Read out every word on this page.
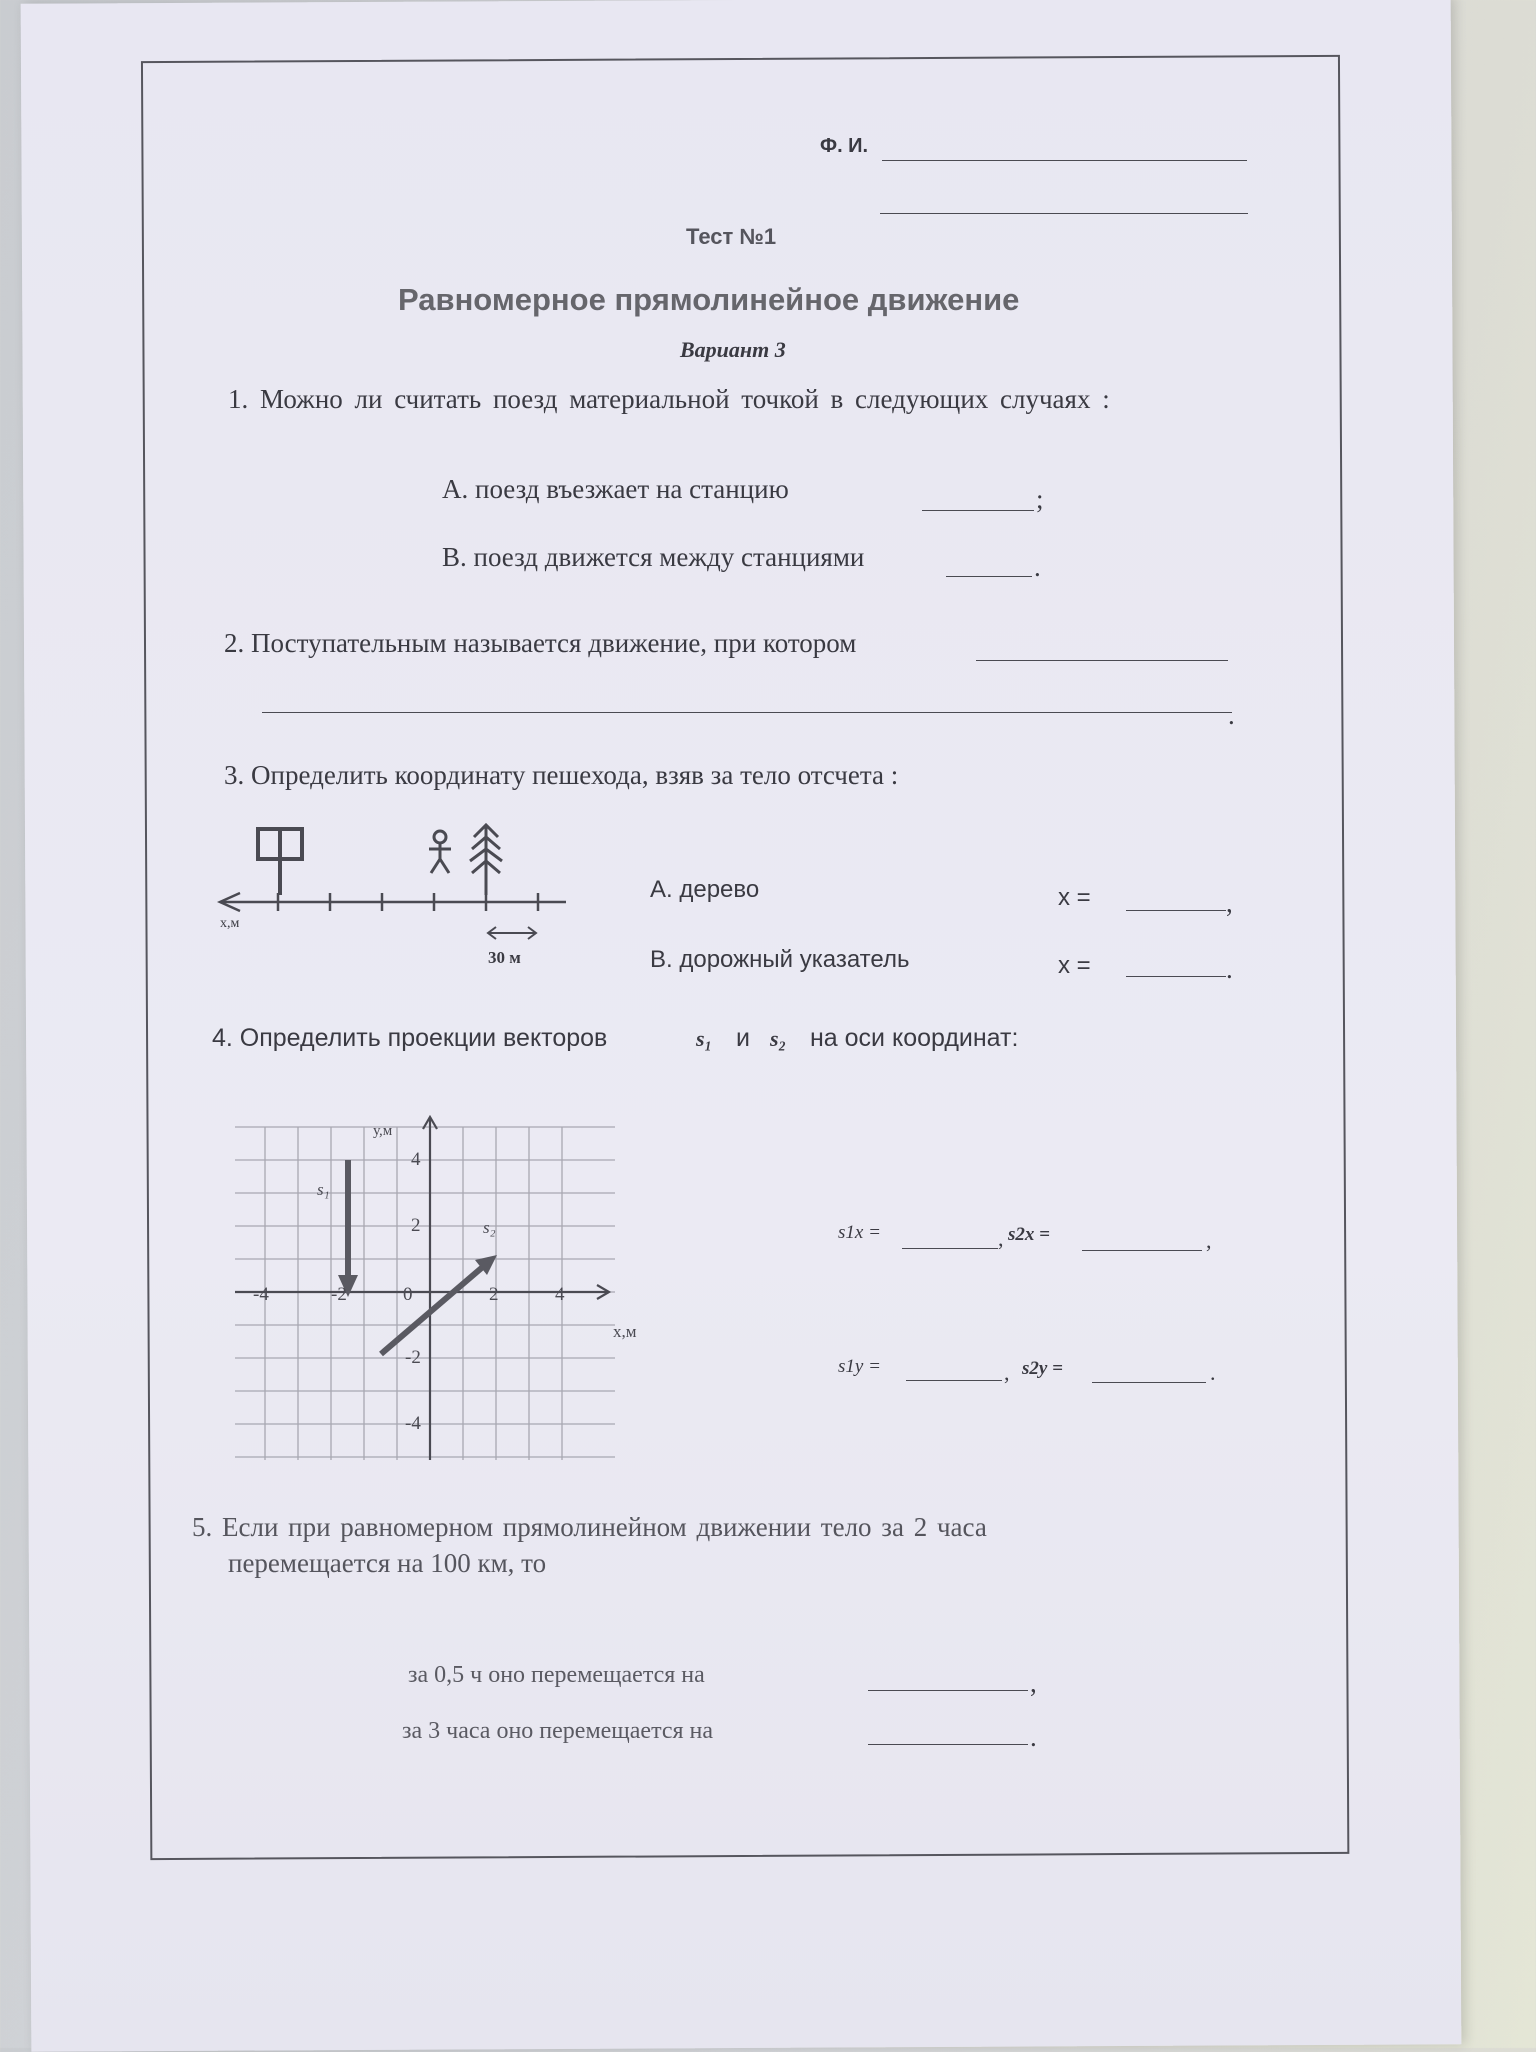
Ф. И.
Тест №1
Равномерное прямолинейное движение
Вариант 3
1. Можно ли считать поезд материальной точкой в следующих случаях :
А. поезд въезжает на станцию	;
В. поезд движется между станциями	.
2. Поступательным называется движение, при котором
.
3. Определить координату пешехода, взяв за тело отсчета :
х,м
30 м
А. дерево	х =	,
В. дорожный указатель	х =	.
4. Определить проекции векторов	s₁ и s₂ на оси координат:
у,м
4
2
-2
-4
-4	-2	0	2	4
х,м
s₁
s₂	s1x =	, s2x =	,
s1y =	, s2y =	.
5. Если при равномерном прямолинейном движении тело за 2 часа
перемещается на 100 км, то
за 0,5 ч оно перемещается на	,
за 3 часа оно перемещается на	.
